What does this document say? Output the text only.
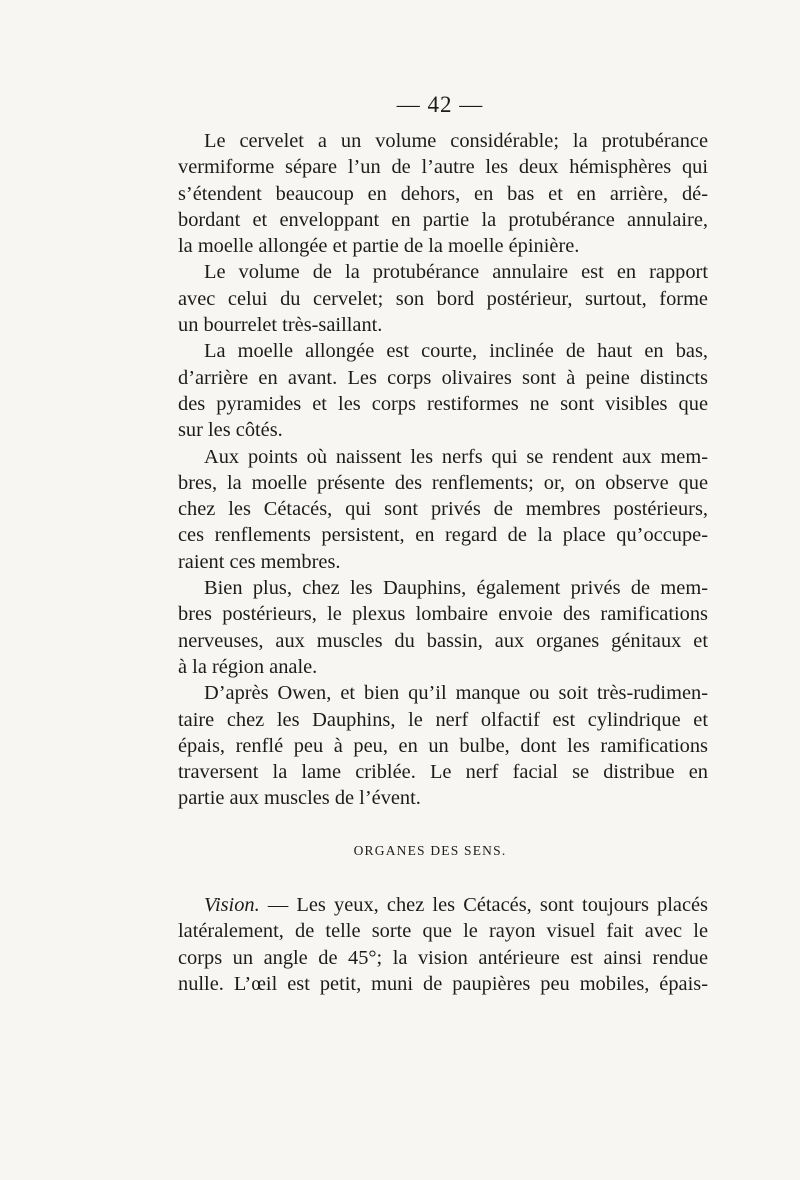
— 42 —
Le cervelet a un volume considérable; la protubérance
vermiforme sépare l’un de l’autre les deux hémisphères qui
s’étendent beaucoup en dehors, en bas et en arrière, dé-
bordant et enveloppant en partie la protubérance annulaire,
la moelle allongée et partie de la moelle épinière.
Le volume de la protubérance annulaire est en rapport
avec celui du cervelet; son bord postérieur, surtout, forme
un bourrelet très-saillant.
La moelle allongée est courte, inclinée de haut en bas,
d’arrière en avant. Les corps olivaires sont à peine distincts
des pyramides et les corps restiformes ne sont visibles que
sur les côtés.
Aux points où naissent les nerfs qui se rendent aux mem-
bres, la moelle présente des renflements; or, on observe que
chez les Cétacés, qui sont privés de membres postérieurs,
ces renflements persistent, en regard de la place qu’occupe-
raient ces membres.
Bien plus, chez les Dauphins, également privés de mem-
bres postérieurs, le plexus lombaire envoie des ramifications
nerveuses, aux muscles du bassin, aux organes génitaux et
à la région anale.
D’après Owen, et bien qu’il manque ou soit très-rudimen-
taire chez les Dauphins, le nerf olfactif est cylindrique et
épais, renflé peu à peu, en un bulbe, dont les ramifications
traversent la lame criblée. Le nerf facial se distribue en
partie aux muscles de l’évent.
ORGANES DES SENS.
Vision. — Les yeux, chez les Cétacés, sont toujours placés
latéralement, de telle sorte que le rayon visuel fait avec le
corps un angle de 45°; la vision antérieure est ainsi rendue
nulle. L’œil est petit, muni de paupières peu mobiles, épais-
